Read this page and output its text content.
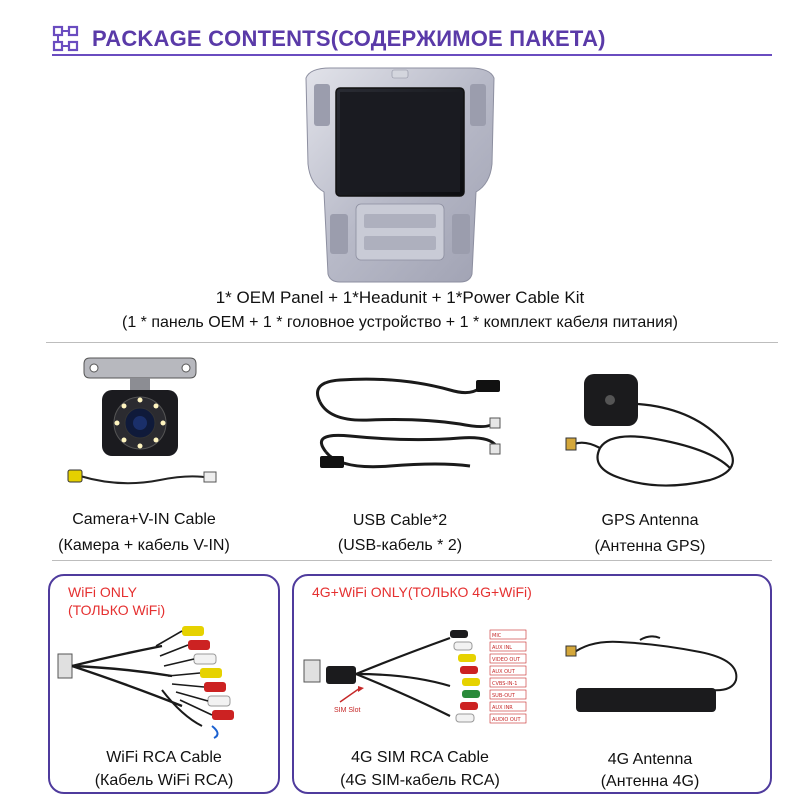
PACKAGE CONTENTS(СОДЕРЖИМОЕ ПАКЕТА)
1* OEM Panel + 1*Headunit + 1*Power Cable Kit
(1 * панель OEM + 1 * головное устройство + 1 * комплект кабеля питания)
Camera+V-IN Cable
(Камера + кабель V-IN)
USB Cable*2
(USB-кабель * 2)
GPS Antenna
(Антенна GPS)
WiFi ONLY
(ТОЛЬКО WiFi)
4G+WiFi ONLY(ТОЛЬКО 4G+WiFi)
MIC
AUX INL
VIDEO OUT
AUX OUT
CVBS-IN-1
SUB-OUT
AUX INR
AUDIO OUT
SIM Slot
WiFi RCA Cable
(Кабель WiFi RCA)
4G SIM RCA Cable
(4G SIM-кабель RCA)
4G Antenna
(Антенна 4G)
